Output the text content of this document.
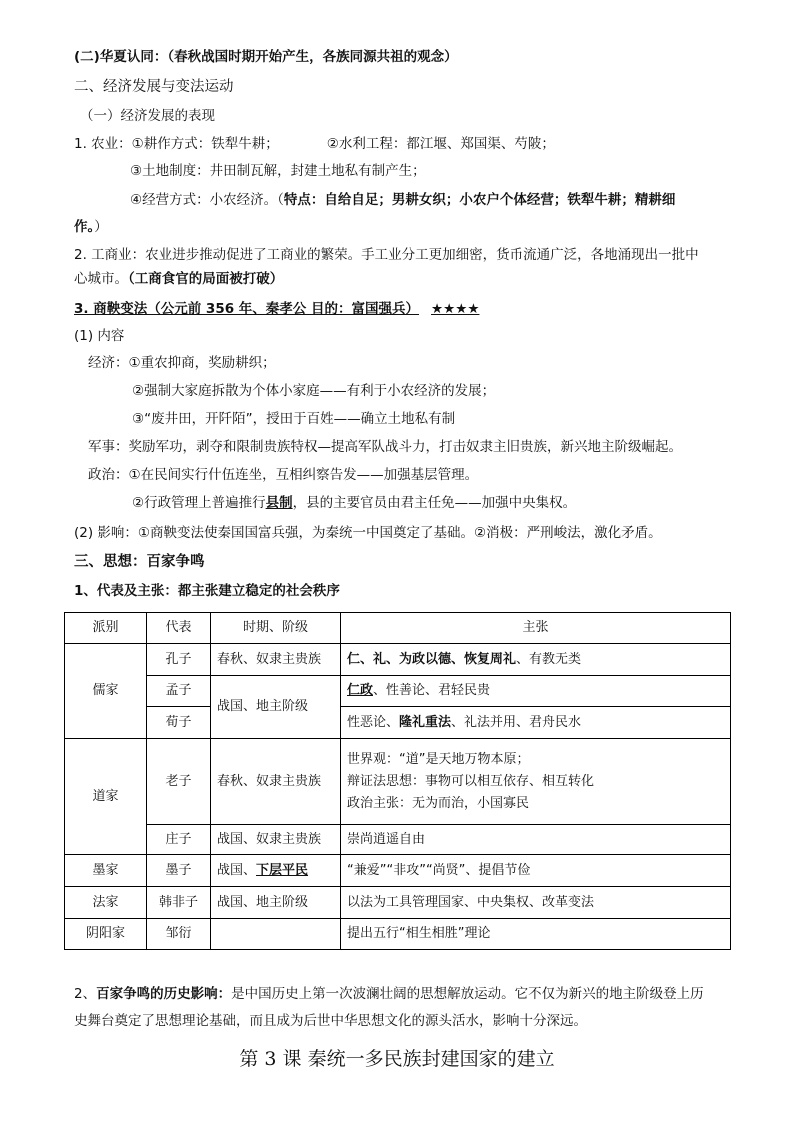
(二)华夏认同：（春秋战国时期开始产生，各族同源共祖的观念）
二、经济发展与变法运动
（一）经济发展的表现
1. 农业：①耕作方式：铁犁牛耕；	②水利工程：都江堰、郑国渠、芍陂；
③土地制度：井田制瓦解，封建土地私有制产生；
④经营方式：小农经济。（特点：自给自足；男耕女织；小农户个体经营；铁犁牛耕；精耕细
作。）
2. 工商业：农业进步推动促进了工商业的繁荣。手工业分工更加细密，货币流通广泛，各地涌现出一批中
心城市。（工商食官的局面被打破）
3. 商鞅变法（公元前 356 年、秦孝公 目的：富国强兵） ★★★★
(1) 内容
经济：①重农抑商，奖励耕织；
②强制大家庭拆散为个体小家庭——有利于小农经济的发展；
③“废井田，开阡陌”，授田于百姓——确立土地私有制
军事：奖励军功，剥夺和限制贵族特权—提高军队战斗力，打击奴隶主旧贵族，新兴地主阶级崛起。
政治：①在民间实行什伍连坐，互相纠察告发——加强基层管理。
②行政管理上普遍推行县制，县的主要官员由君主任免——加强中央集权。
(2) 影响：①商鞅变法使秦国国富兵强，为秦统一中国奠定了基础。②消极：严刑峻法，激化矛盾。
三、思想：百家争鸣
1、代表及主张：都主张建立稳定的社会秩序
派别	代表	时期、阶级	主张
儒家	孔子	春秋、奴隶主贵族	仁、礼、为政以德、恢复周礼、有教无类
	孟子	战国、地主阶级	仁政、性善论、君轻民贵
	荀子		性恶论、隆礼重法、礼法并用、君舟民水
道家	老子	春秋、奴隶主贵族	世界观：“道”是天地万物本原；
辩证法思想：事物可以相互依存、相互转化
政治主张：无为而治，小国寡民

	庄子	战国、奴隶主贵族	崇尚逍遥自由
墨家	墨子	战国、下层平民	“兼爱”“非攻”“尚贤”、提倡节俭
法家	韩非子	战国、地主阶级	以法为工具管理国家、中央集权、改革变法
阴阳家	邹衍		提出五行“相生相胜”理论
2、百家争鸣的历史影响：是中国历史上第一次波澜壮阔的思想解放运动。它不仅为新兴的地主阶级登上历
史舞台奠定了思想理论基础，而且成为后世中华思想文化的源头活水，影响十分深远。
第 3 课 秦统一多民族封建国家的建立
